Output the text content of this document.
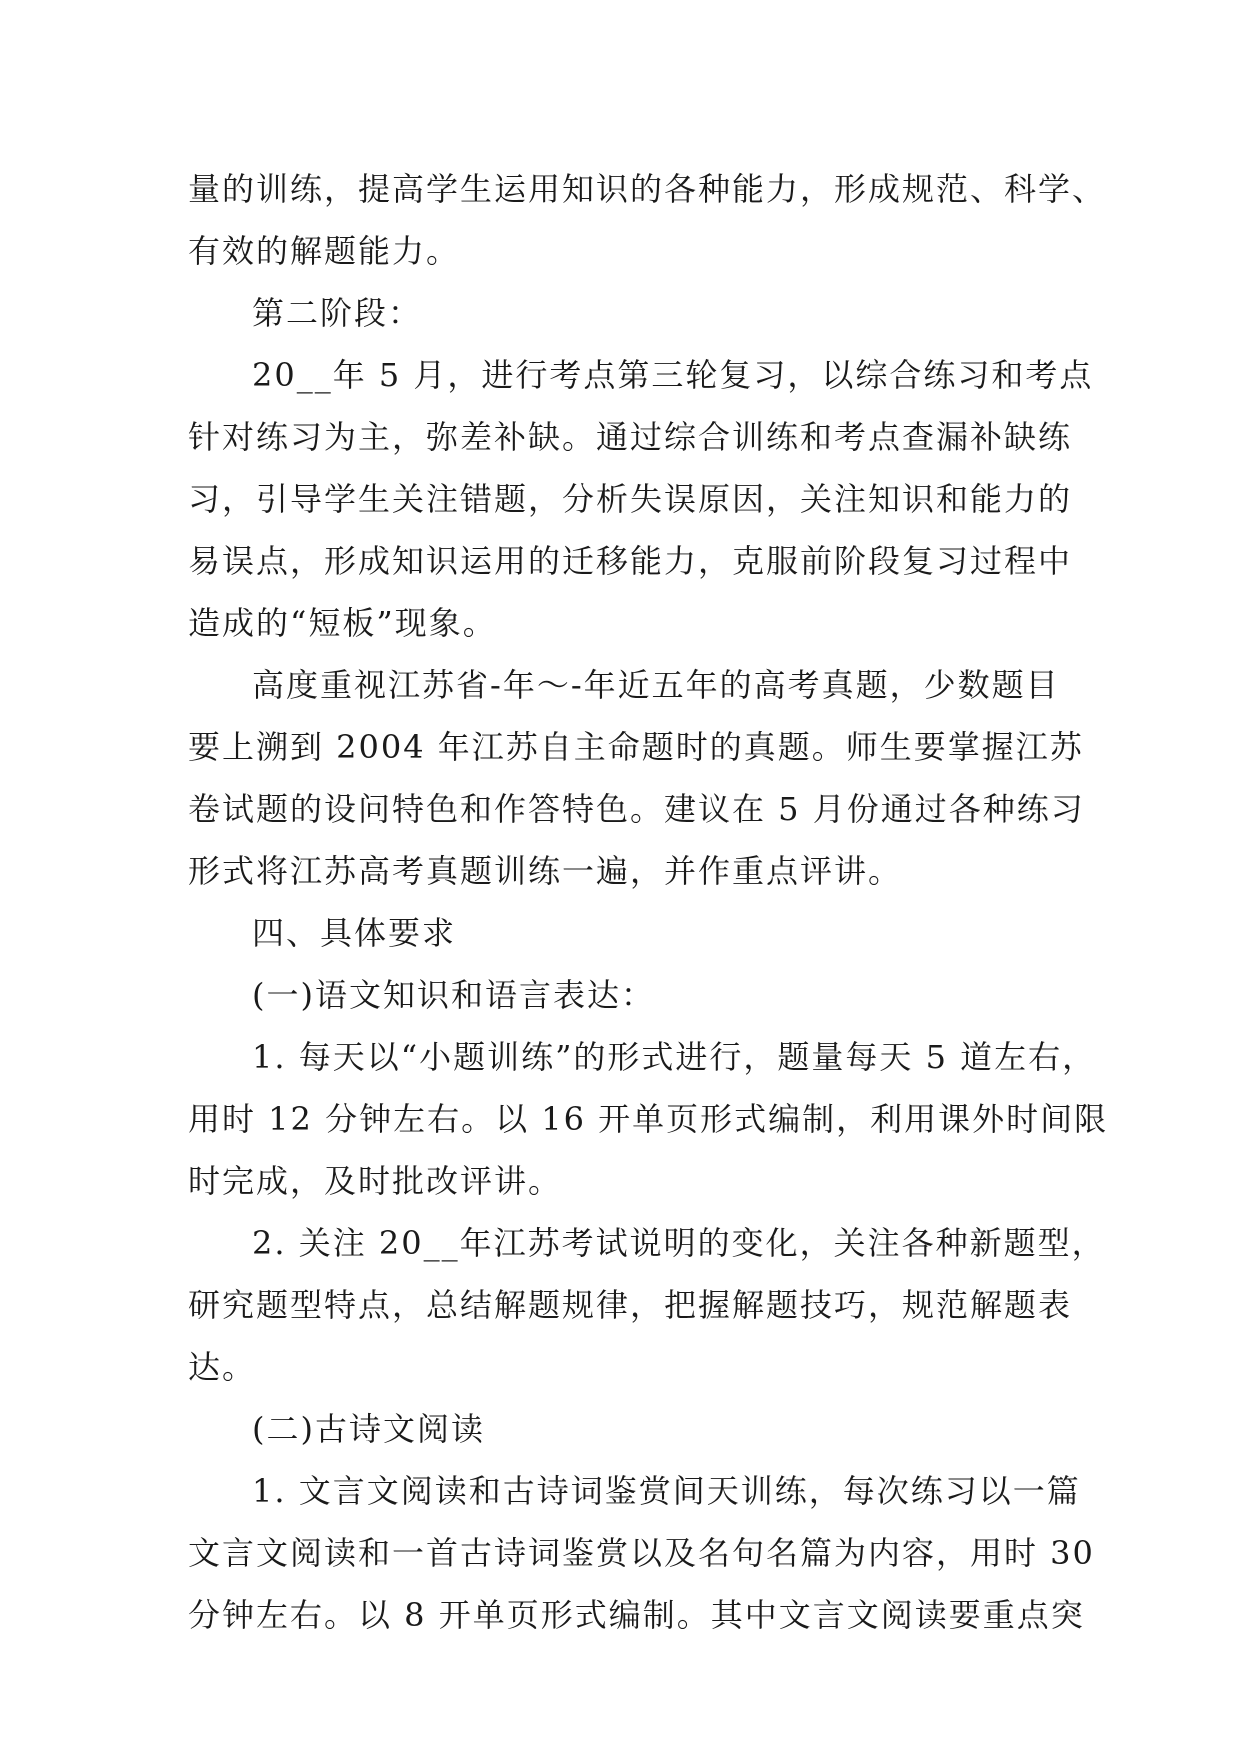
量的训练，提高学生运用知识的各种能力，形成规范、科学、
有效的解题能力。
第二阶段：
20__年 5 月，进行考点第三轮复习，以综合练习和考点
针对练习为主，弥差补缺。通过综合训练和考点查漏补缺练
习，引导学生关注错题，分析失误原因，关注知识和能力的
易误点，形成知识运用的迁移能力，克服前阶段复习过程中
造成的“短板”现象。
高度重视江苏省-年～-年近五年的高考真题，少数题目
要上溯到 2004 年江苏自主命题时的真题。师生要掌握江苏
卷试题的设问特色和作答特色。建议在 5 月份通过各种练习
形式将江苏高考真题训练一遍，并作重点评讲。
四、具体要求
(一)语文知识和语言表达：
1. 每天以“小题训练”的形式进行，题量每天 5 道左右，
用时 12 分钟左右。以 16 开单页形式编制，利用课外时间限
时完成，及时批改评讲。
2. 关注 20__年江苏考试说明的变化，关注各种新题型，
研究题型特点，总结解题规律，把握解题技巧，规范解题表
达。
(二)古诗文阅读
1. 文言文阅读和古诗词鉴赏间天训练，每次练习以一篇
文言文阅读和一首古诗词鉴赏以及名句名篇为内容，用时 30
分钟左右。以 8 开单页形式编制。其中文言文阅读要重点突
